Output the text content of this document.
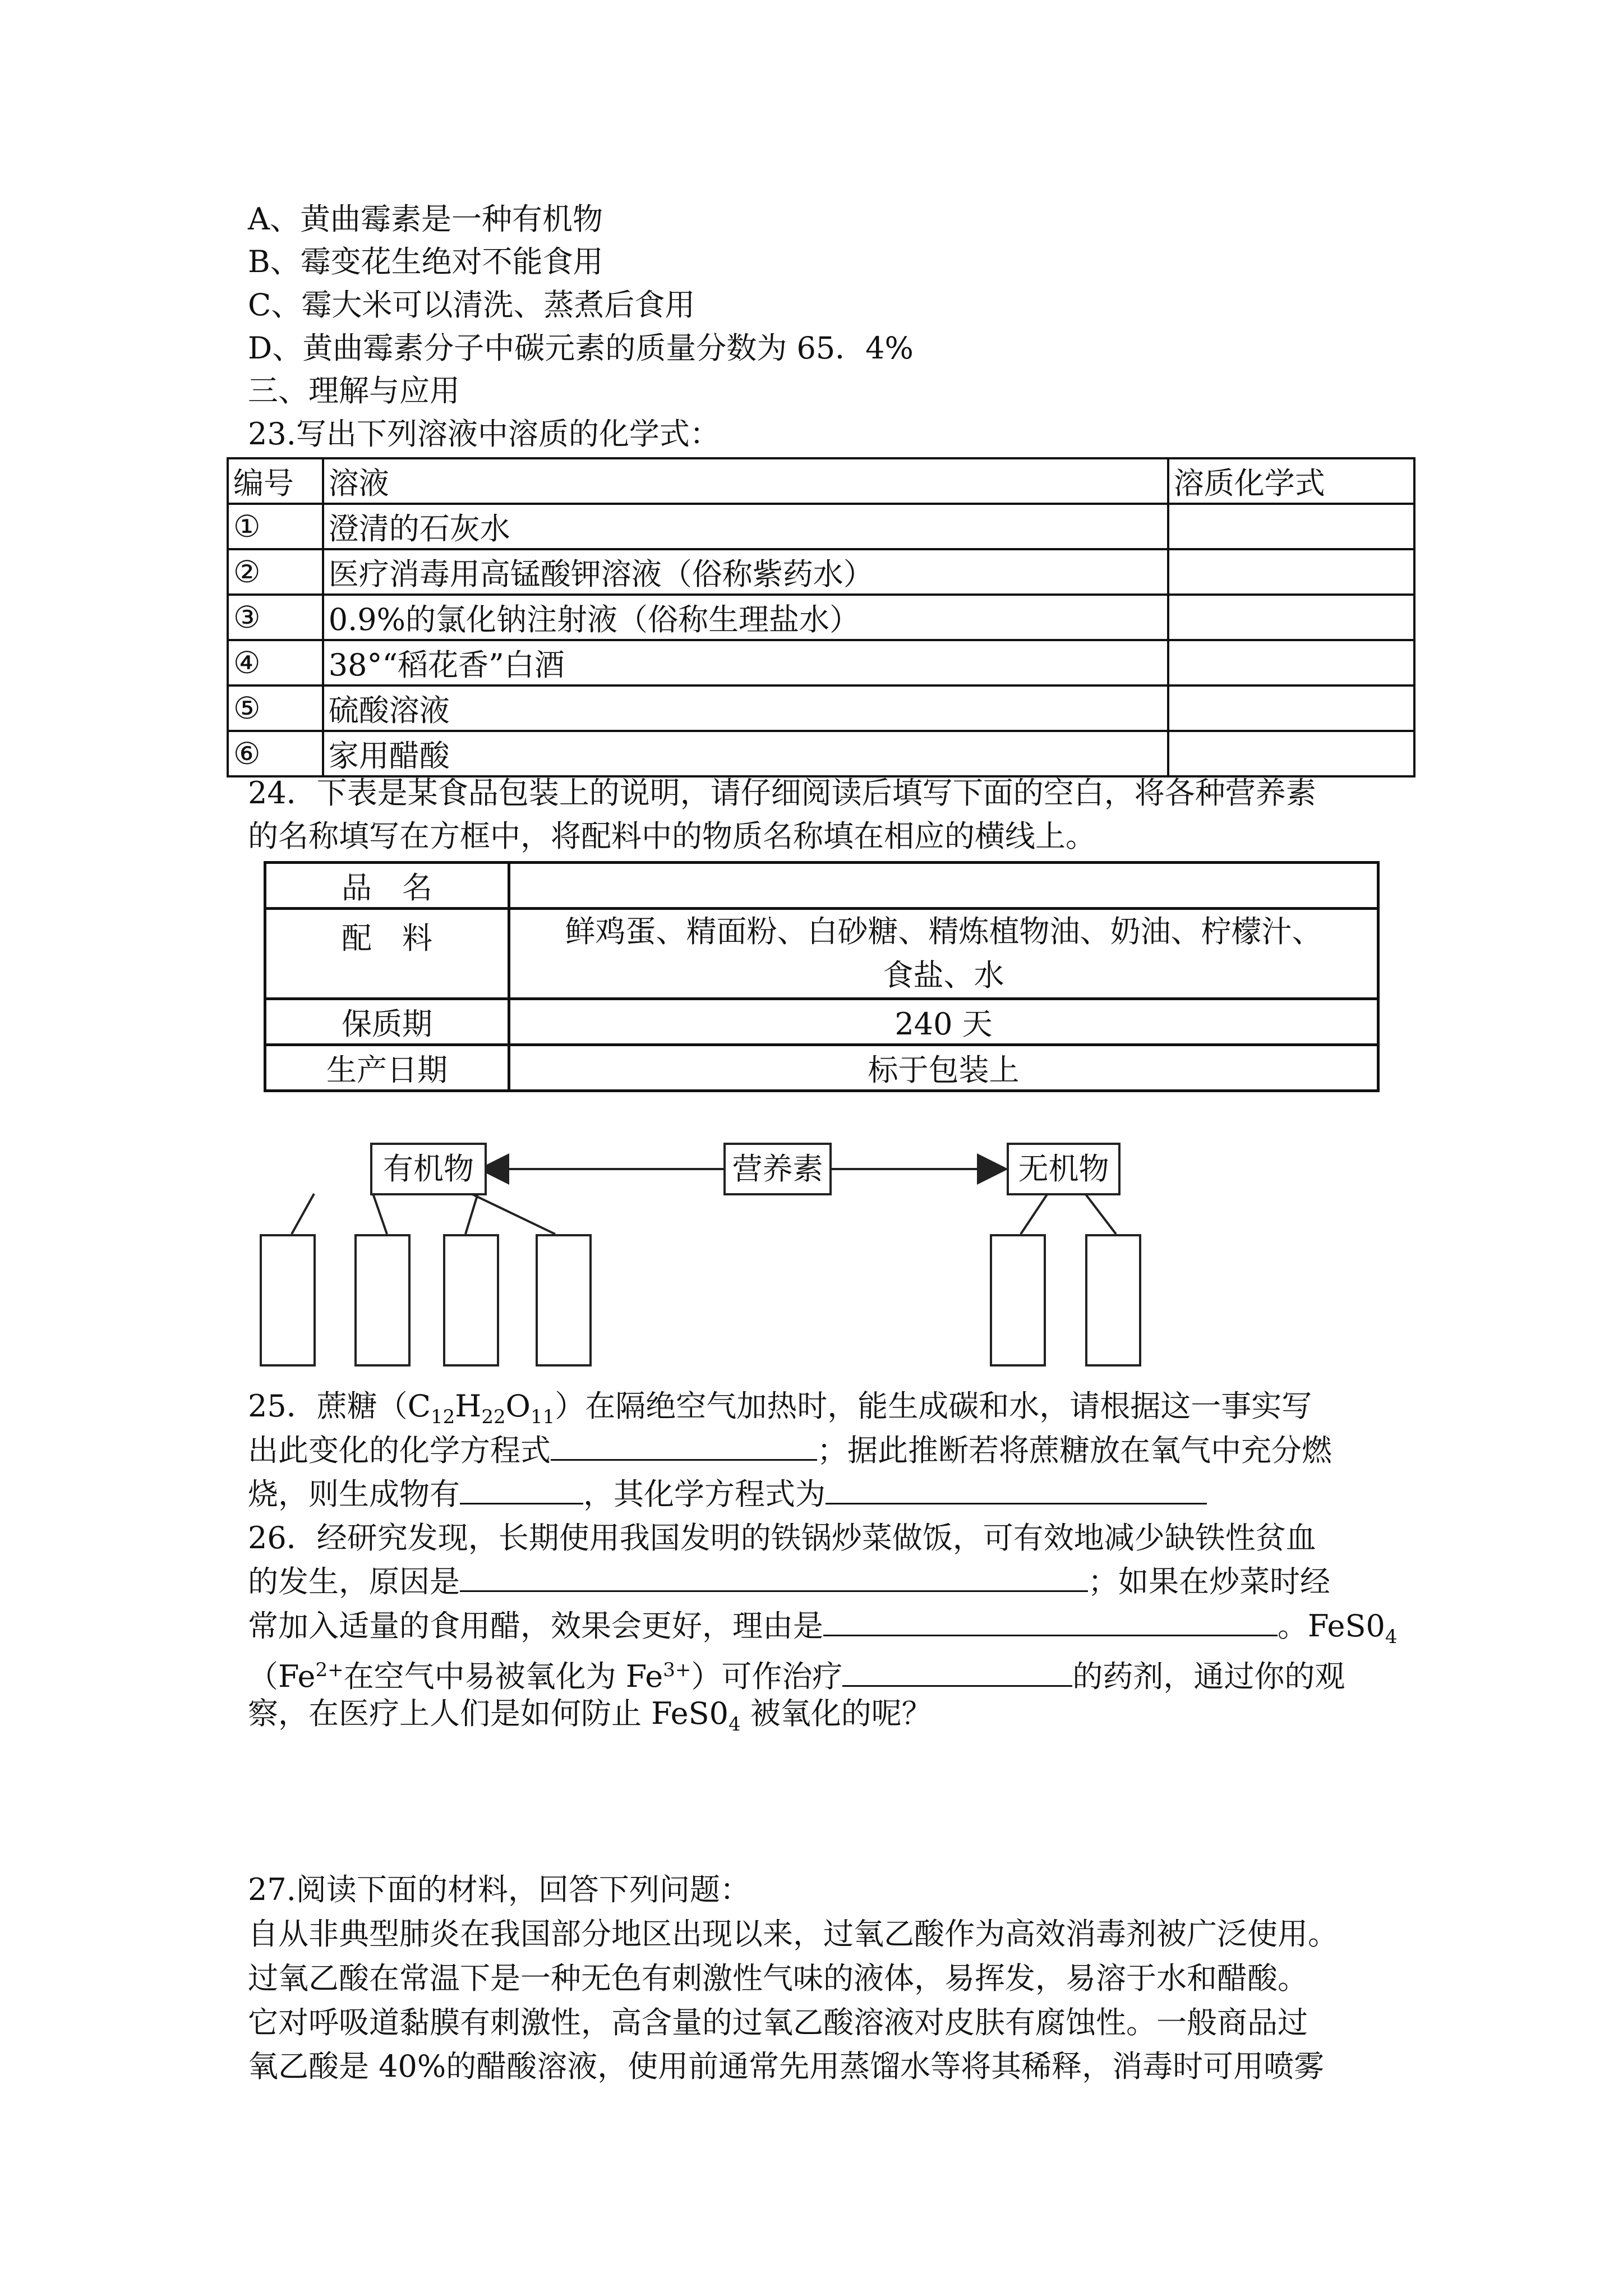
A、黄曲霉素是一种有机物
B、霉变花生绝对不能食用
C、霉大米可以清洗、蒸煮后食用
D、黄曲霉素分子中碳元素的质量分数为 65．4%
三、理解与应用
23.写出下列溶液中溶质的化学式：
编号	溶液	溶质化学式
①	澄清的石灰水	
②	医疗消毒用高锰酸钾溶液（俗称紫药水）	
③	0.9%的氯化钠注射液（俗称生理盐水）	
④	38°“稻花香”白酒	
⑤	硫酸溶液	
⑥	家用醋酸	
24．下表是某食品包装上的说明，请仔细阅读后填写下面的空白，将各种营养素
的名称填写在方框中，将配料中的物质名称填在相应的横线上。
品　名	
配　料	鲜鸡蛋、精面粉、白砂糖、精炼植物油、奶油、柠檬汁、
食盐、水
保质期	240 天
生产日期	标于包装上
有机物	营养素	无机物
25．蔗糖$(C_{12}H_{22}O_{11})$在隔绝空气加热时，能生成碳和水，请根据这一事实写
出此变化的化学方程式	；据此推断若将蔗糖放在氧气中充分燃
烧，则生成物有	，其化学方程式为
26．经研究发现，长期使用我国发明的铁锅炒菜做饭，可有效地减少缺铁性贫血
的发生，原因是	；如果在炒菜时经
常加入适量的食用醋，效果会更好，理由是	。$FeS0_4$
（$Fe^{2+}$在空气中易被氧化为 $Fe^{3+}$）可作治疗	的药剂，通过你的观
察，在医疗上人们是如何防止 $FeS0_4$ 被氧化的呢？
27.阅读下面的材料，回答下列问题：
自从非典型肺炎在我国部分地区出现以来，过氧乙酸作为高效消毒剂被广泛使用。
过氧乙酸在常温下是一种无色有刺激性气味的液体，易挥发，易溶于水和醋酸。
它对呼吸道黏膜有刺激性，高含量的过氧乙酸溶液对皮肤有腐蚀性。一般商品过
氧乙酸是 40%的醋酸溶液，使用前通常先用蒸馏水等将其稀释，消毒时可用喷雾
